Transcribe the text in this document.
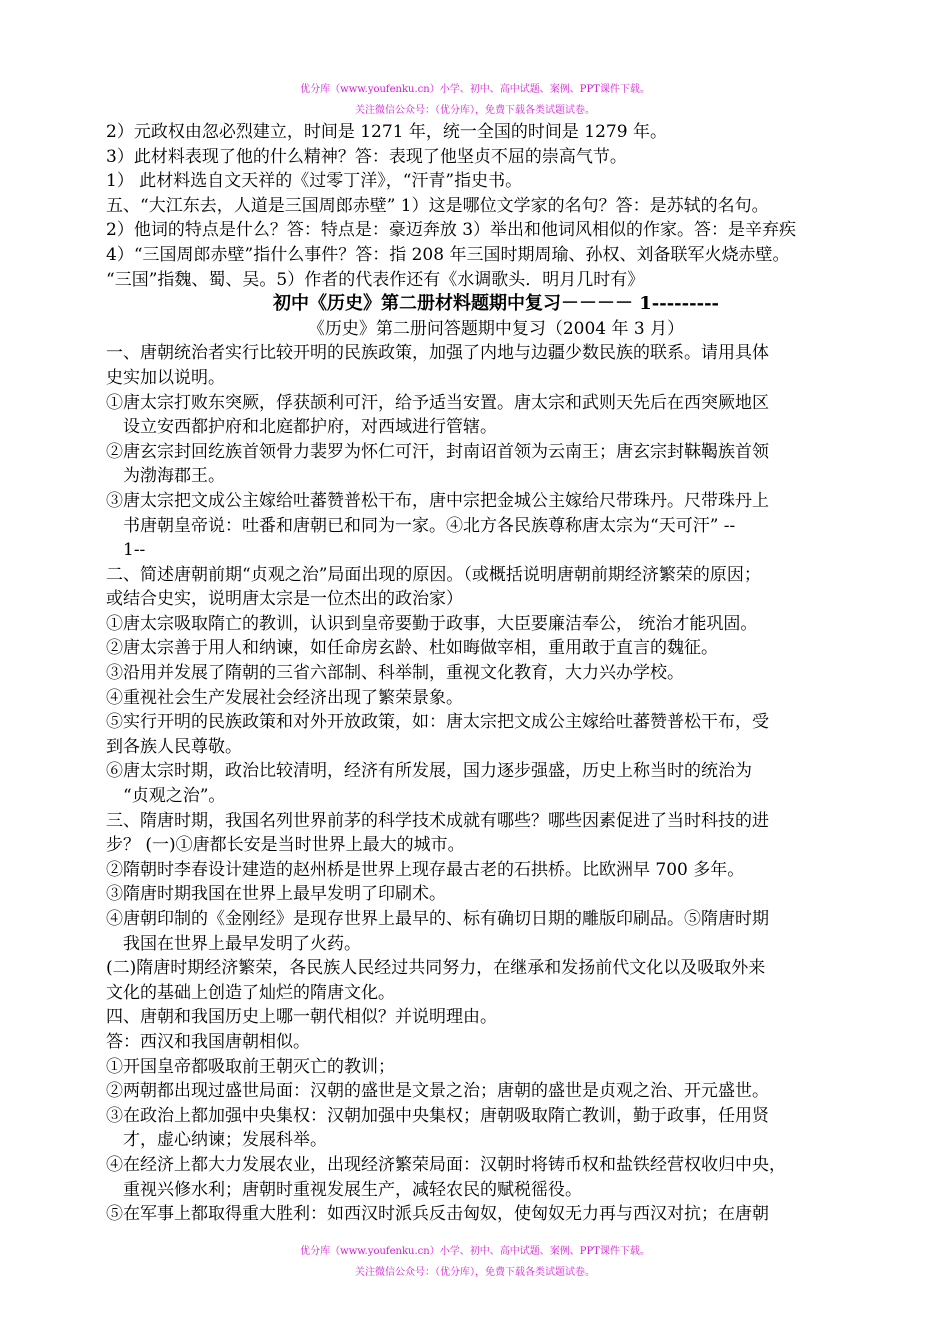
优分库（www.youfenku.cn）小学、初中、高中试题、案例、PPT课件下载。
关注微信公众号：（优分库），免费下载各类试题试卷。
2）元政权由忽必烈建立，时间是 1271 年，统一全国的时间是 1279 年。
3）此材料表现了他的什么精神？答：表现了他坚贞不屈的崇高气节。
1） 此材料选自文天祥的《过零丁洋》，“汗青”指史书。
五、“大江东去，人道是三国周郎赤壁” 1）这是哪位文学家的名句？答：是苏轼的名句。
2）他词的特点是什么？答：特点是：豪迈奔放 3）举出和他词风相似的作家。答：是辛弃疾
4）“三国周郎赤壁”指什么事件？答：指 208 年三国时期周瑜、孙权、刘备联军火烧赤壁。
“三国”指魏、蜀、吴。5）作者的代表作还有《水调歌头．明月几时有》
初中《历史》第二册材料题期中复习－－－－ 1---------
《历史》第二册问答题期中复习（2004 年 3 月）
一、唐朝统治者实行比较开明的民族政策，加强了内地与边疆少数民族的联系。请用具体
史实加以说明。
①唐太宗打败东突厥，俘获颉利可汗，给予适当安置。唐太宗和武则天先后在西突厥地区
设立安西都护府和北庭都护府，对西域进行管辖。
②唐玄宗封回纥族首领骨力裴罗为怀仁可汗，封南诏首领为云南王；唐玄宗封靺鞨族首领
为渤海郡王。
③唐太宗把文成公主嫁给吐蕃赞普松干布，唐中宗把金城公主嫁给尺带珠丹。尺带珠丹上
书唐朝皇帝说：吐番和唐朝已和同为一家。④北方各民族尊称唐太宗为“天可汗” --
1--
二、简述唐朝前期“贞观之治”局面出现的原因。（或概括说明唐朝前期经济繁荣的原因；
或结合史实，说明唐太宗是一位杰出的政治家）
①唐太宗吸取隋亡的教训，认识到皇帝要勤于政事，大臣要廉洁奉公， 统治才能巩固。
②唐太宗善于用人和纳谏，如任命房玄龄、杜如晦做宰相，重用敢于直言的魏征。
③沿用并发展了隋朝的三省六部制、科举制，重视文化教育，大力兴办学校。
④重视社会生产发展社会经济出现了繁荣景象。
⑤实行开明的民族政策和对外开放政策，如：唐太宗把文成公主嫁给吐蕃赞普松干布，受
到各族人民尊敬。
⑥唐太宗时期，政治比较清明，经济有所发展，国力逐步强盛，历史上称当时的统治为
“贞观之治”。
三、隋唐时期，我国名列世界前茅的科学技术成就有哪些？哪些因素促进了当时科技的进
步？ (一)①唐都长安是当时世界上最大的城市。
②隋朝时李春设计建造的赵州桥是世界上现存最古老的石拱桥。比欧洲早 700 多年。
③隋唐时期我国在世界上最早发明了印刷术。
④唐朝印制的《金刚经》是现存世界上最早的、标有确切日期的雕版印刷品。⑤隋唐时期
我国在世界上最早发明了火药。
(二)隋唐时期经济繁荣，各民族人民经过共同努力，在继承和发扬前代文化以及吸取外来
文化的基础上创造了灿烂的隋唐文化。
四、唐朝和我国历史上哪一朝代相似？并说明理由。
答：西汉和我国唐朝相似。
①开国皇帝都吸取前王朝灭亡的教训；
②两朝都出现过盛世局面：汉朝的盛世是文景之治；唐朝的盛世是贞观之治、开元盛世。
③在政治上都加强中央集权：汉朝加强中央集权；唐朝吸取隋亡教训，勤于政事，任用贤
才，虚心纳谏；发展科举。
④在经济上都大力发展农业，出现经济繁荣局面：汉朝时将铸币权和盐铁经营权收归中央，
重视兴修水利；唐朝时重视发展生产，减轻农民的赋税徭役。
⑤在军事上都取得重大胜利：如西汉时派兵反击匈奴，使匈奴无力再与西汉对抗；在唐朝
优分库（www.youfenku.cn）小学、初中、高中试题、案例、PPT课件下载。
关注微信公众号：（优分库），免费下载各类试题试卷。
